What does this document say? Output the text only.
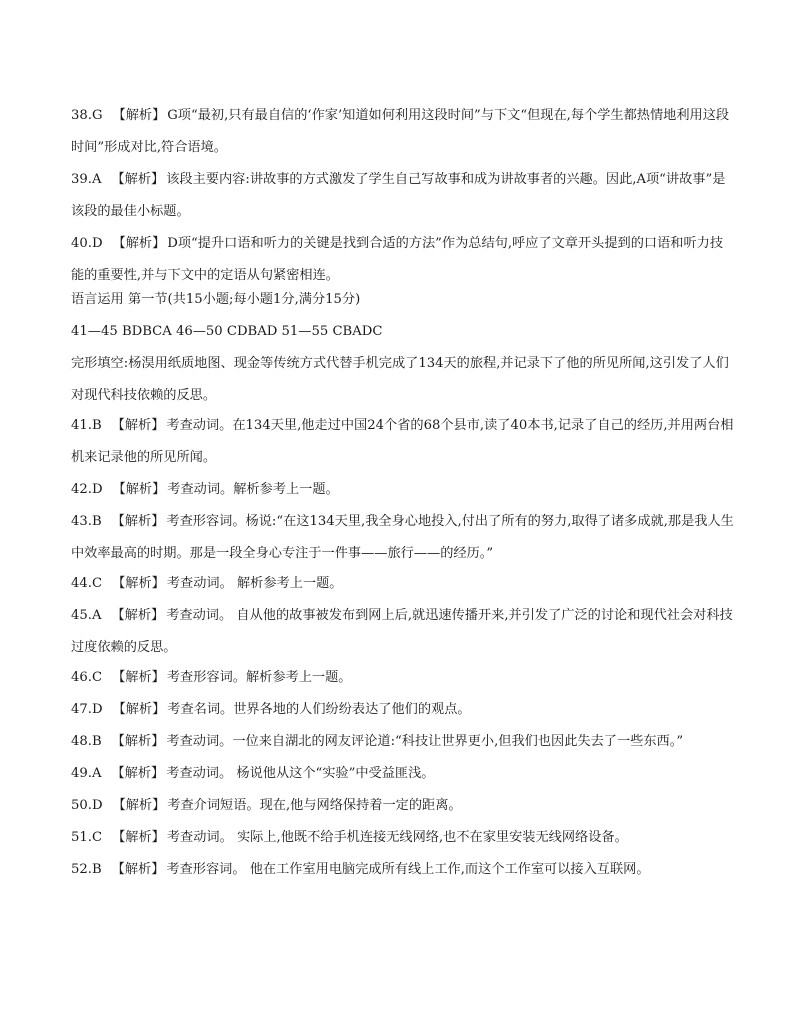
38.G 【解析】 G项“最初,只有最自信的‘作家’知道如何利用这段时间”与下文“但现在,每个学生都热情地利用这段时间”形成对比,符合语境。
39.A 【解析】 该段主要内容:讲故事的方式激发了学生自己写故事和成为讲故事者的兴趣。因此,A项“讲故事”是该段的最佳小标题。
40.D 【解析】 D项“提升口语和听力的关键是找到合适的方法”作为总结句,呼应了文章开头提到的口语和听力技能的重要性,并与下文中的定语从句紧密相连。
语言运用 第一节(共15小题;每小题1分,满分15分)
41—45 BDBCA 46—50 CDBAD 51—55 CBADC
完形填空:杨淏用纸质地图、现金等传统方式代替手机完成了134天的旅程,并记录下了他的所见所闻,这引发了人们对现代科技依赖的反思。
41.B 【解析】 考查动词。在134天里,他走过中国24个省的68个县市,读了40本书,记录了自己的经历,并用两台相机来记录他的所见所闻。
42.D 【解析】 考查动词。解析参考上一题。
43.B 【解析】 考查形容词。杨说:“在这134天里,我全身心地投入,付出了所有的努力,取得了诸多成就,那是我人生中效率最高的时期。那是一段全身心专注于一件事——旅行——的经历。”
44.C 【解析】 考查动词。 解析参考上一题。
45.A 【解析】 考查动词。 自从他的故事被发布到网上后,就迅速传播开来,并引发了广泛的讨论和现代社会对科技过度依赖的反思。
46.C 【解析】 考查形容词。解析参考上一题。
47.D 【解析】 考查名词。世界各地的人们纷纷表达了他们的观点。
48.B 【解析】 考查动词。一位来自湖北的网友评论道:“科技让世界更小,但我们也因此失去了一些东西。”
49.A 【解析】 考查动词。 杨说他从这个“实验”中受益匪浅。
50.D 【解析】 考查介词短语。现在,他与网络保持着一定的距离。
51.C 【解析】 考查动词。 实际上,他既不给手机连接无线网络,也不在家里安装无线网络设备。
52.B 【解析】 考查形容词。 他在工作室用电脑完成所有线上工作,而这个工作室可以接入互联网。
